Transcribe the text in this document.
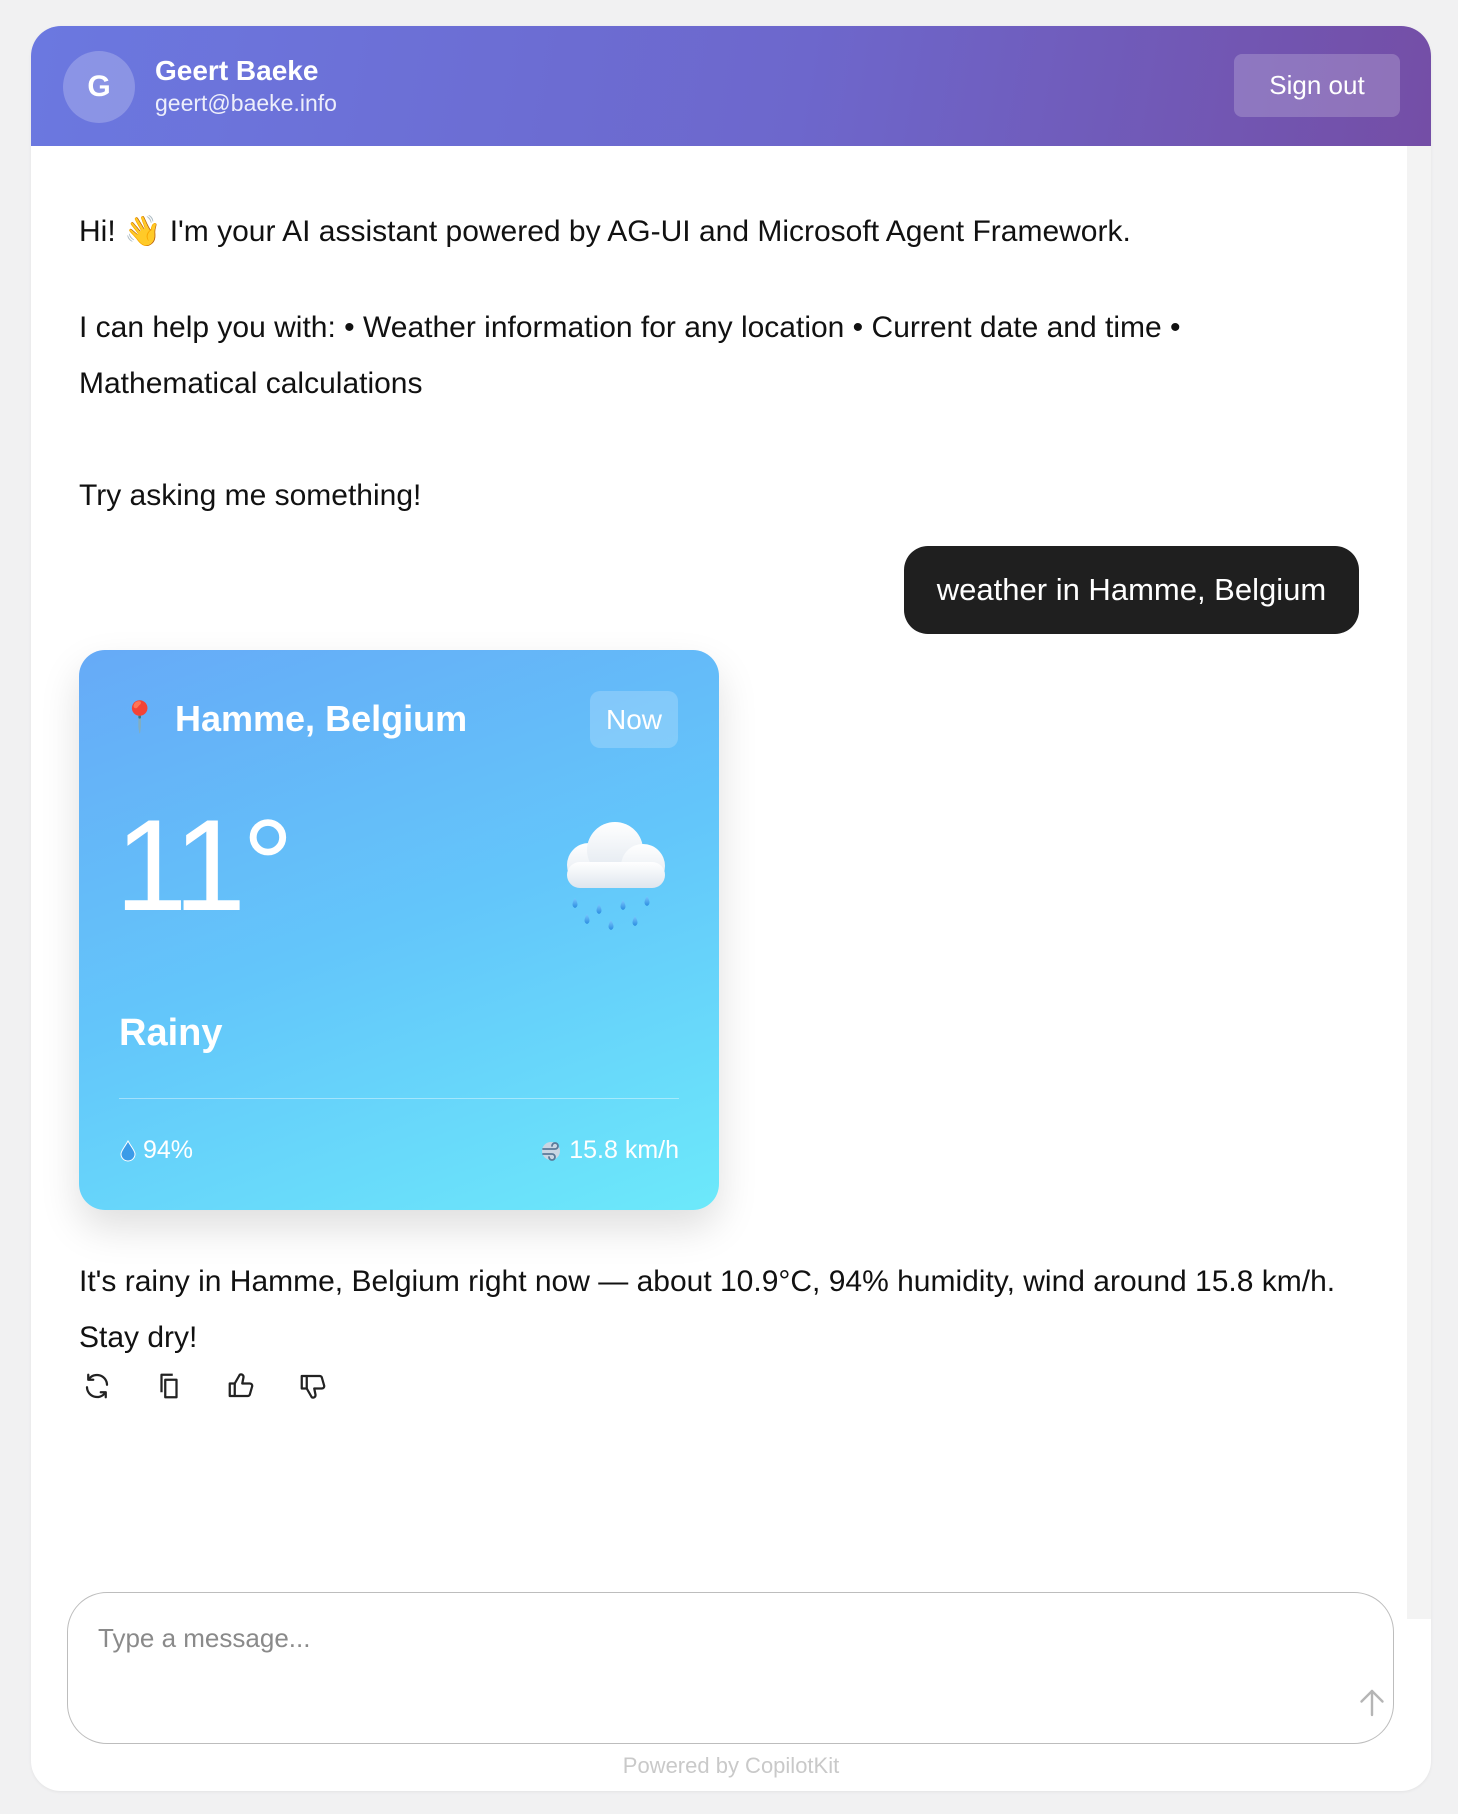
G	Geert Baeke
geert@baeke.info
Sign out
Hi! 👋 I'm your AI assistant powered by AG-UI and Microsoft Agent Framework.
I can help you with: • Weather information for any location • Current date and time • Mathematical calculations
Try asking me something!
weather in Hamme, Belgium
📍 Hamme, Belgium	Now
11°
Rainy
94%	15.8 km/h
It's rainy in Hamme, Belgium right now — about 10.9°C, 94% humidity, wind around 15.8 km/h. Stay dry!
Type a message...
Powered by CopilotKit
